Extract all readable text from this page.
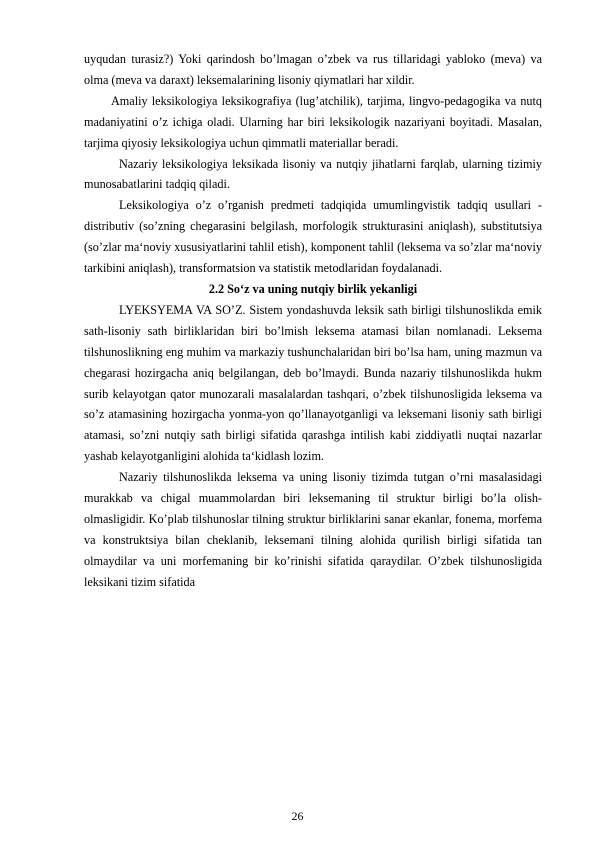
uyqudan turasiz?) Yoki qarindosh bo’lmagan o’zbek va rus tillaridagi yabloko (meva) va olma (meva va daraxt) leksemalarining lisoniy qiymatlari har xildir.

Amaliy leksikologiya leksikografiya (lug’atchilik), tarjima, lingvo-pedagogika va nutq madaniyatini o’z ichiga oladi. Ularning har biri leksikologik nazariyani boyitadi. Masalan, tarjima qiyosiy leksikologiya uchun qimmatli materiallar beradi.

Nazariy leksikologiya leksikada lisoniy va nutqiy jihatlarni farqlab, ularning tizimiy munosabatlarini tadqiq qiladi.

Leksikologiya o’z o’rganish predmeti tadqiqida umumlingvistik tadqiq usullari - distributiv (so’zning chegarasini belgilash, morfologik strukturasini aniqlash), substitutsiya (so’zlar ma‘noviy xususiyatlarini tahlil etish), komponent tahlil (leksema va so’zlar ma‘noviy tarkibini aniqlash), transformatsion va statistik metodlaridan foydalanadi.

2.2 So‘z va uning nutqiy birlik yekanligi

LYEKSYEMA VA SO’Z. Sistem yondashuvda leksik sath birligi tilshunoslikda emik sath-lisoniy sath birliklaridan biri bo’lmish leksema atamasi bilan nomlanadi. Leksema tilshunoslikning eng muhim va markaziy tushunchalaridan biri bo’lsa ham, uning mazmun va chegarasi hozirgacha aniq belgilangan, deb bo’lmaydi. Bunda nazariy tilshunoslikda hukm surib kelayotgan qator munozarali masalalardan tashqari, o’zbek tilshunosligida leksema va so’z atamasining hozirgacha yonma-yon qo’llanayotganligi va leksemani lisoniy sath birligi atamasi, so’zni nutqiy sath birligi sifatida qarashga intilish kabi ziddiyatli nuqtai nazarlar yashab kelayotganligini alohida ta‘kidlash lozim.

Nazariy tilshunoslikda leksema va uning lisoniy tizimda tutgan o’rni masalasidagi murakkab va chigal muammolardan biri leksemaning til struktur birligi bo’la olish-olmasligidir. Ko’plab tilshunoslar tilning struktur birliklarini sanar ekanlar, fonema, morfema va konstruktsiya bilan cheklanib, leksemani tilning alohida qurilish birligi sifatida tan olmaydilar va uni morfemaning bir ko’rinishi sifatida qaraydilar. O’zbek tilshunosligida leksikani tizim sifatida

26
